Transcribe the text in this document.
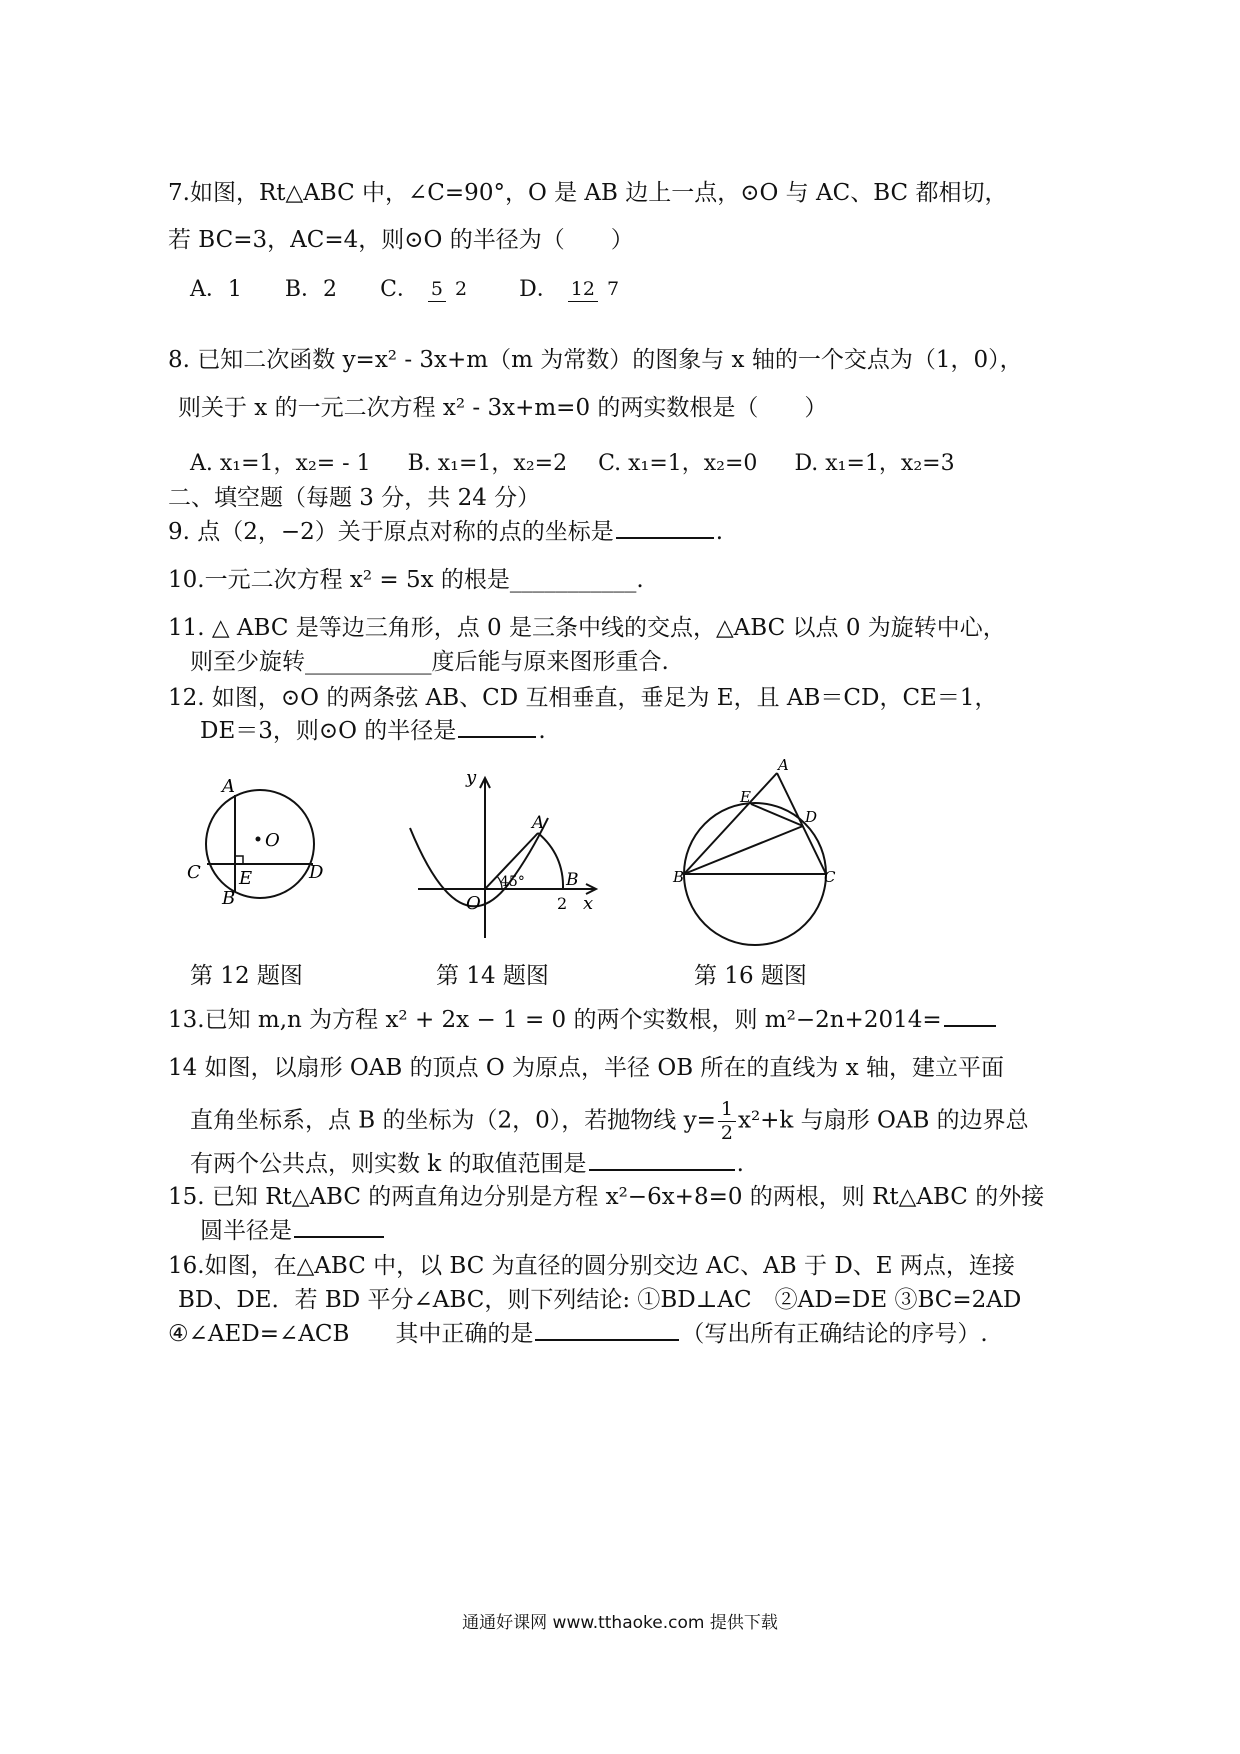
7.如图，Rt△ABC 中，∠C=90°，O 是 AB 边上一点，⊙O 与 AC、BC 都相切，
若 BC=3，AC=4，则⊙O 的半径为（　　）
A．1 B．2 C． 5 2 D． 12 7
8. 已知二次函数 y=x² - 3x+m（m 为常数）的图象与 x 轴的一个交点为（1，0），
则关于 x 的一元二次方程 x² - 3x+m=0 的两实数根是（　　）
A. x₁=1，x₂= - 1 B. x₁=1，x₂=2 C. x₁=1，x₂=0 D. x₁=1，x₂=3
二、填空题（每题 3 分，共 24 分）
9. 点（2，−2）关于原点对称的点的坐标是	.
10.一元二次方程 x² = 5x 的根是___________.
11. △ ABC 是等边三角形，点 0 是三条中线的交点，△ABC 以点 0 为旋转中心，
则至少旋转___________度后能与原来图形重合.
12. 如图，⊙O 的两条弦 AB、CD 互相垂直，垂足为 E，且 AB＝CD，CE＝1，
DE＝3，则⊙O 的半径是	.
A
O
C E	D
B
y
A
45° B
O	2 x
A
E
D
B	C
第 12 题图	第 14 题图	第 16 题图
13.已知 m,n 为方程 x² + 2x − 1 = 0 的两个实数根，则 m²−2n+2014=
14 如图，以扇形 OAB 的顶点 O 为原点，半径 OB 所在的直线为 x 轴，建立平面
直角坐标系，点 B 的坐标为（2，0），若抛物线 $y= \frac{1}{2} x^2+k$ 与扇形 OAB 的边界总
有两个公共点，则实数 k 的取值范围是	.
15. 已知 Rt△ABC 的两直角边分别是方程 x²−6x+8=0 的两根，则 Rt△ABC 的外接
圆半径是
16.如图，在△ABC 中，以 BC 为直径的圆分别交边 AC、AB 于 D、E 两点，连接
BD、DE．若 BD 平分∠ABC，则下列结论: ①BD⊥AC　②AD=DE ③BC=2AD
④∠AED=∠ACB　　其中正确的是	（写出所有正确结论的序号）.
通通好课网 www.tthaoke.com 提供下载
